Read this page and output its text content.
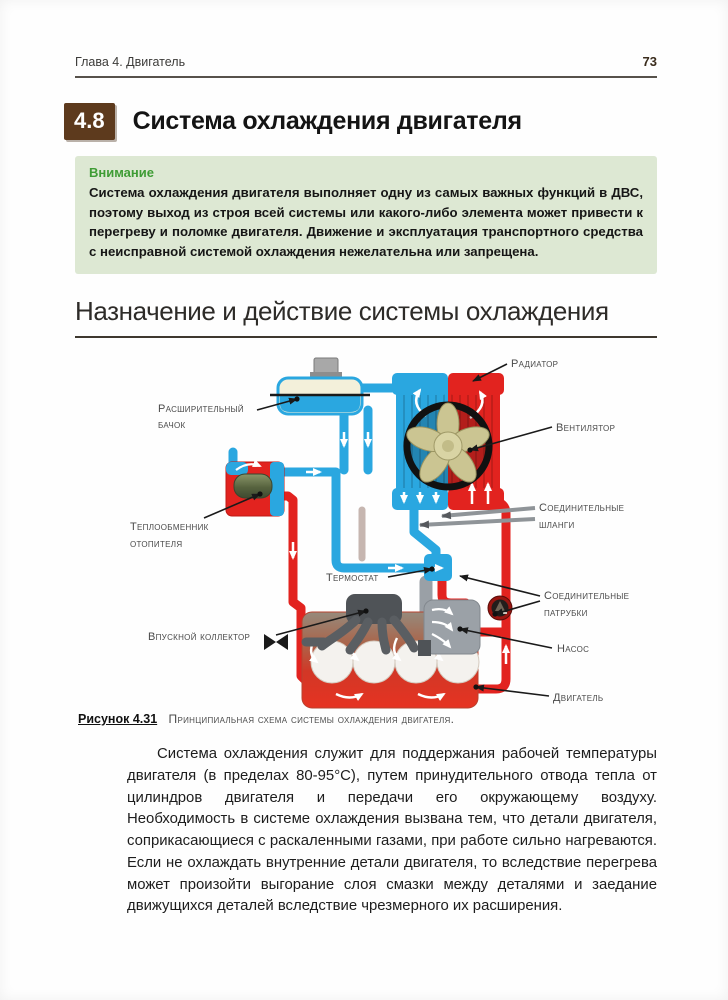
Глава 4. Двигатель	73
4.8	Система охлаждения двигателя
Внимание
Система охлаждения двигателя выполняет одну из самых важных функций в ДВС, поэтому выход из строя всей системы или какого-либо элемента может привести к перегреву и поломке двигателя. Движение и эксплуатация транспортного средства с неисправной системой охлаждения нежелательна или запрещена.
Назначение и действие системы охлаждения
Радиатор
Вентилятор
Расширительный бачок
Теплообменник отопителя
Соединительные шланги
Термостат
Соединительные патрубки
Впускной коллектор
Насос
Двигатель
Рисунок 4.31 Принципиальная схема системы охлаждения двигателя.
Система охлаждения служит для поддержания рабочей температуры двигателя (в пределах 80-95°С), путем принудительного отвода тепла от цилиндров двигателя и передачи его окружающему воздуху. Необходимость в системе охлаждения вызвана тем, что детали двигателя, соприкасающиеся с раскаленными газами, при работе сильно нагреваются. Если не охлаждать внутренние детали двигателя, то вследствие перегрева может произойти выгорание слоя смазки между деталями и заедание движущихся деталей вследствие чрезмерного их расширения.
